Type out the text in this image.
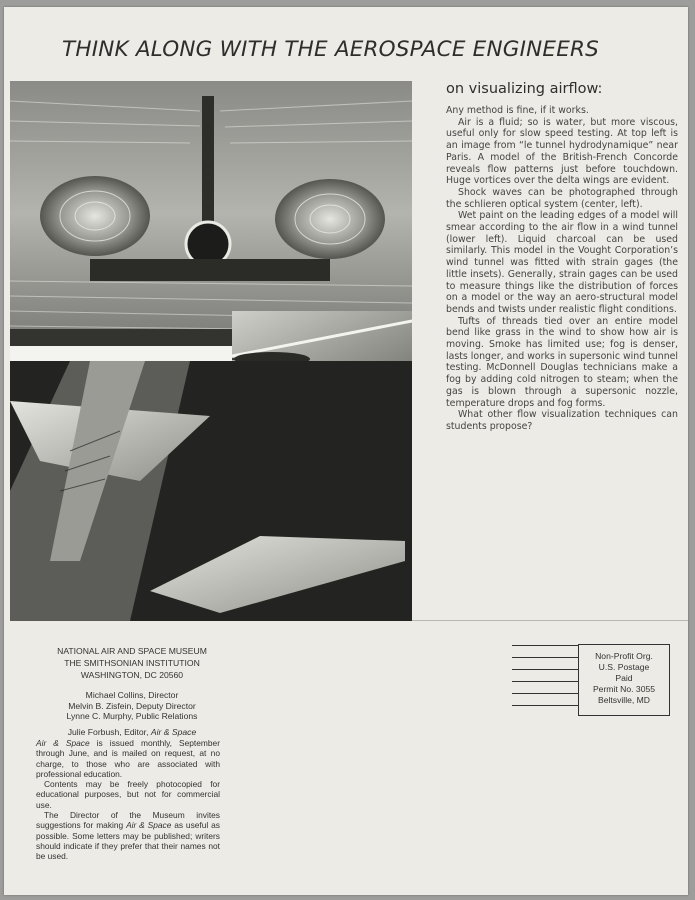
THINK ALONG WITH THE AEROSPACE ENGINEERS
on visualizing airflow:

Any method is fine, if it works.

Air is a fluid; so is water, but more viscous, useful only for slow speed testing. At top left is an image from “le tunnel hydrodynamique” near Paris. A model of the British-French Concorde reveals flow patterns just before touchdown. Huge vortices over the delta wings are evident.

Shock waves can be photographed through the schlieren optical system (center, left).

Wet paint on the leading edges of a model will smear according to the air flow in a wind tunnel (lower left). Liquid charcoal can be used similarly. This model in the Vought Corporation’s wind tunnel was fitted with strain gages (the little insets). Generally, strain gages can be used to measure things like the distribution of forces on a model or the way an aero-structural model bends and twists under realistic flight conditions.

Tufts of threads tied over an entire model bend like grass in the wind to show how air is moving. Smoke has limited use; fog is denser, lasts longer, and works in supersonic wind tunnel testing. McDonnell Douglas technicians make a fog by adding cold nitrogen to steam; when the gas is blown through a supersonic nozzle, temperature drops and fog forms.

What other flow visualization techniques can students propose?

NATIONAL AIR AND SPACE MUSEUM
THE SMITHSONIAN INSTITUTION
WASHINGTON, DC 20560
Michael Collins, Director
Melvin B. Zisfein, Deputy Director
Lynne C. Murphy, Public Relations
Julie Forbush, Editor, Air & Space

Air & Space is issued monthly, September through June, and is mailed on request, at no charge, to those who are associated with professional education.

Contents may be freely photocopied for educational purposes, but not for commercial use.

The Director of the Museum invites suggestions for making Air & Space as useful as possible. Some letters may be published; writers should indicate if they prefer that their names not be used.

Non-Profit Org.
U.S. Postage
Paid
Permit No. 3055
Beltsville, MD
